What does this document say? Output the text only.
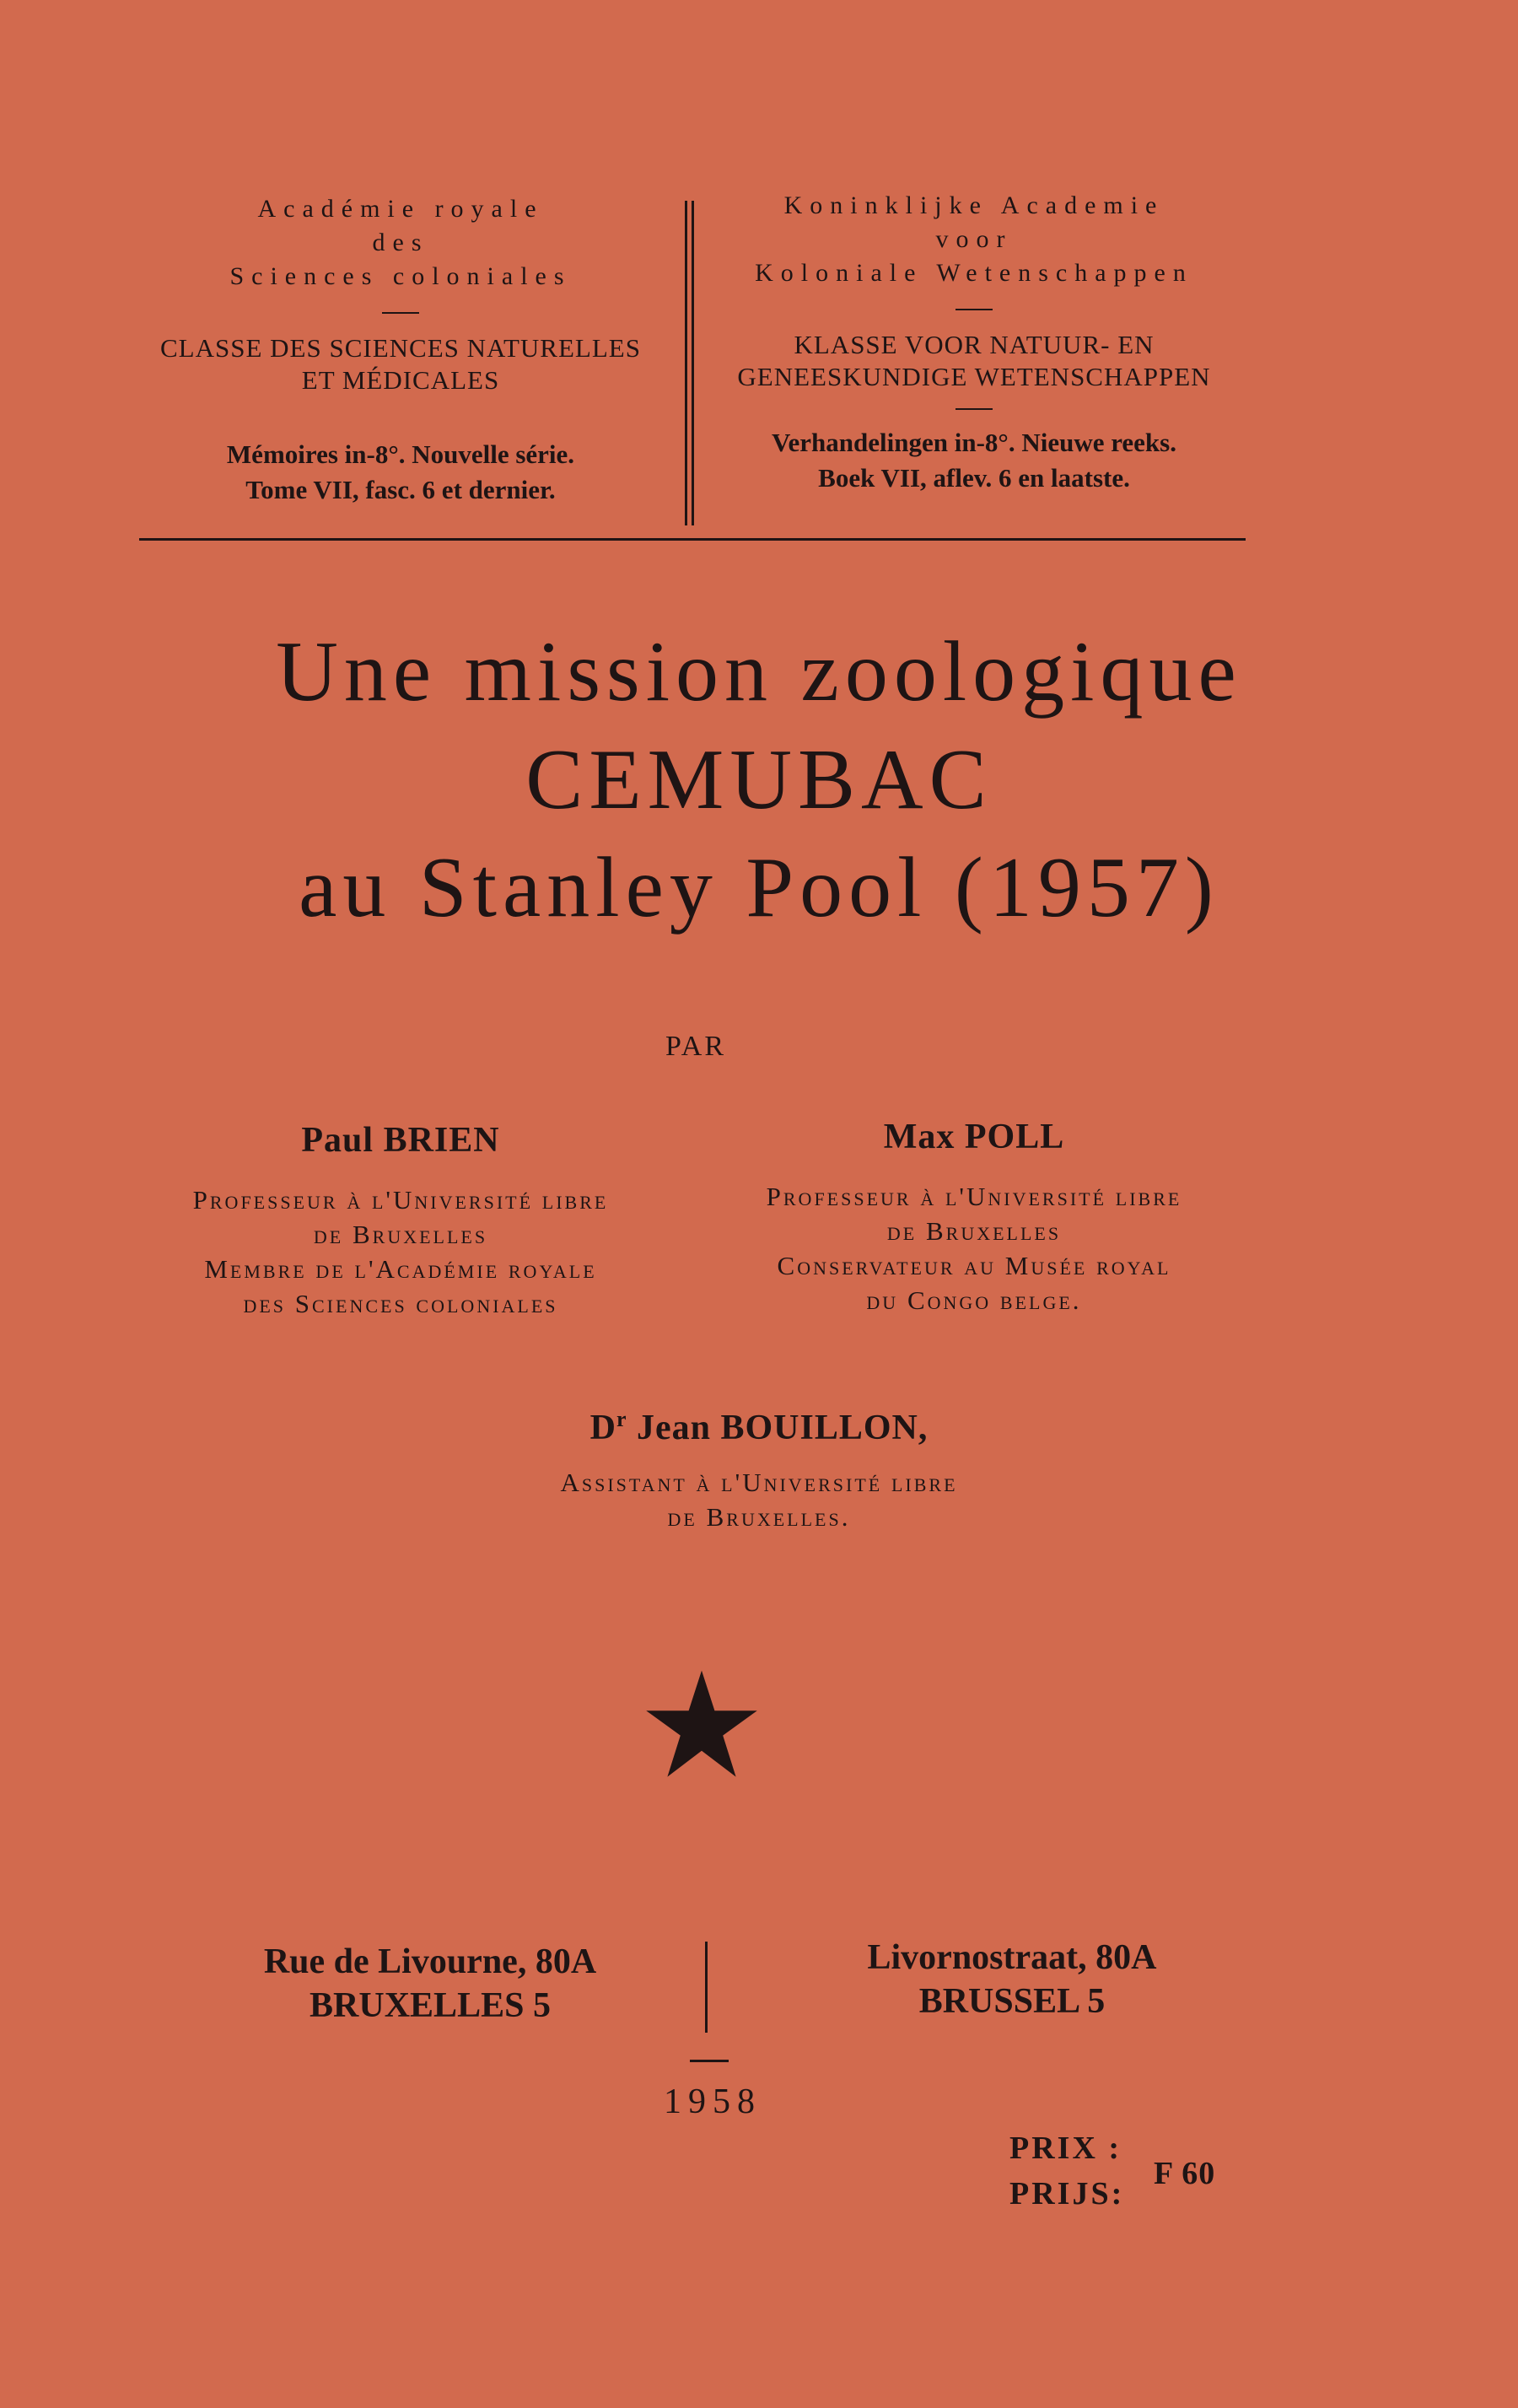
Académie royale
des
Sciences coloniales
CLASSE DES SCIENCES NATURELLES
ET MÉDICALES
Mémoires in-8°. Nouvelle série.
Tome VII, fasc. 6 et dernier.
Koninklijke Academie
voor
Koloniale Wetenschappen
KLASSE VOOR NATUUR- EN
GENEESKUNDIGE WETENSCHAPPEN
Verhandelingen in-8°. Nieuwe reeks.
Boek VII, aflev. 6 en laatste.
Une mission zoologique
CEMUBAC
au Stanley Pool (1957)
PAR
Paul BRIEN
Professeur à l'Université libre
de Bruxelles
Membre de l'Académie royale
des Sciences coloniales
Max POLL
Professeur à l'Université libre
de Bruxelles
Conservateur au Musée royal
du Congo belge.
$D^r$ Jean BOUILLON,
Assistant à l'Université libre
de Bruxelles.
Rue de Livourne, 80A
BRUXELLES 5
Livornostraat, 80A
BRUSSEL 5
1958
PRIX :
PRIJS:
F 60
